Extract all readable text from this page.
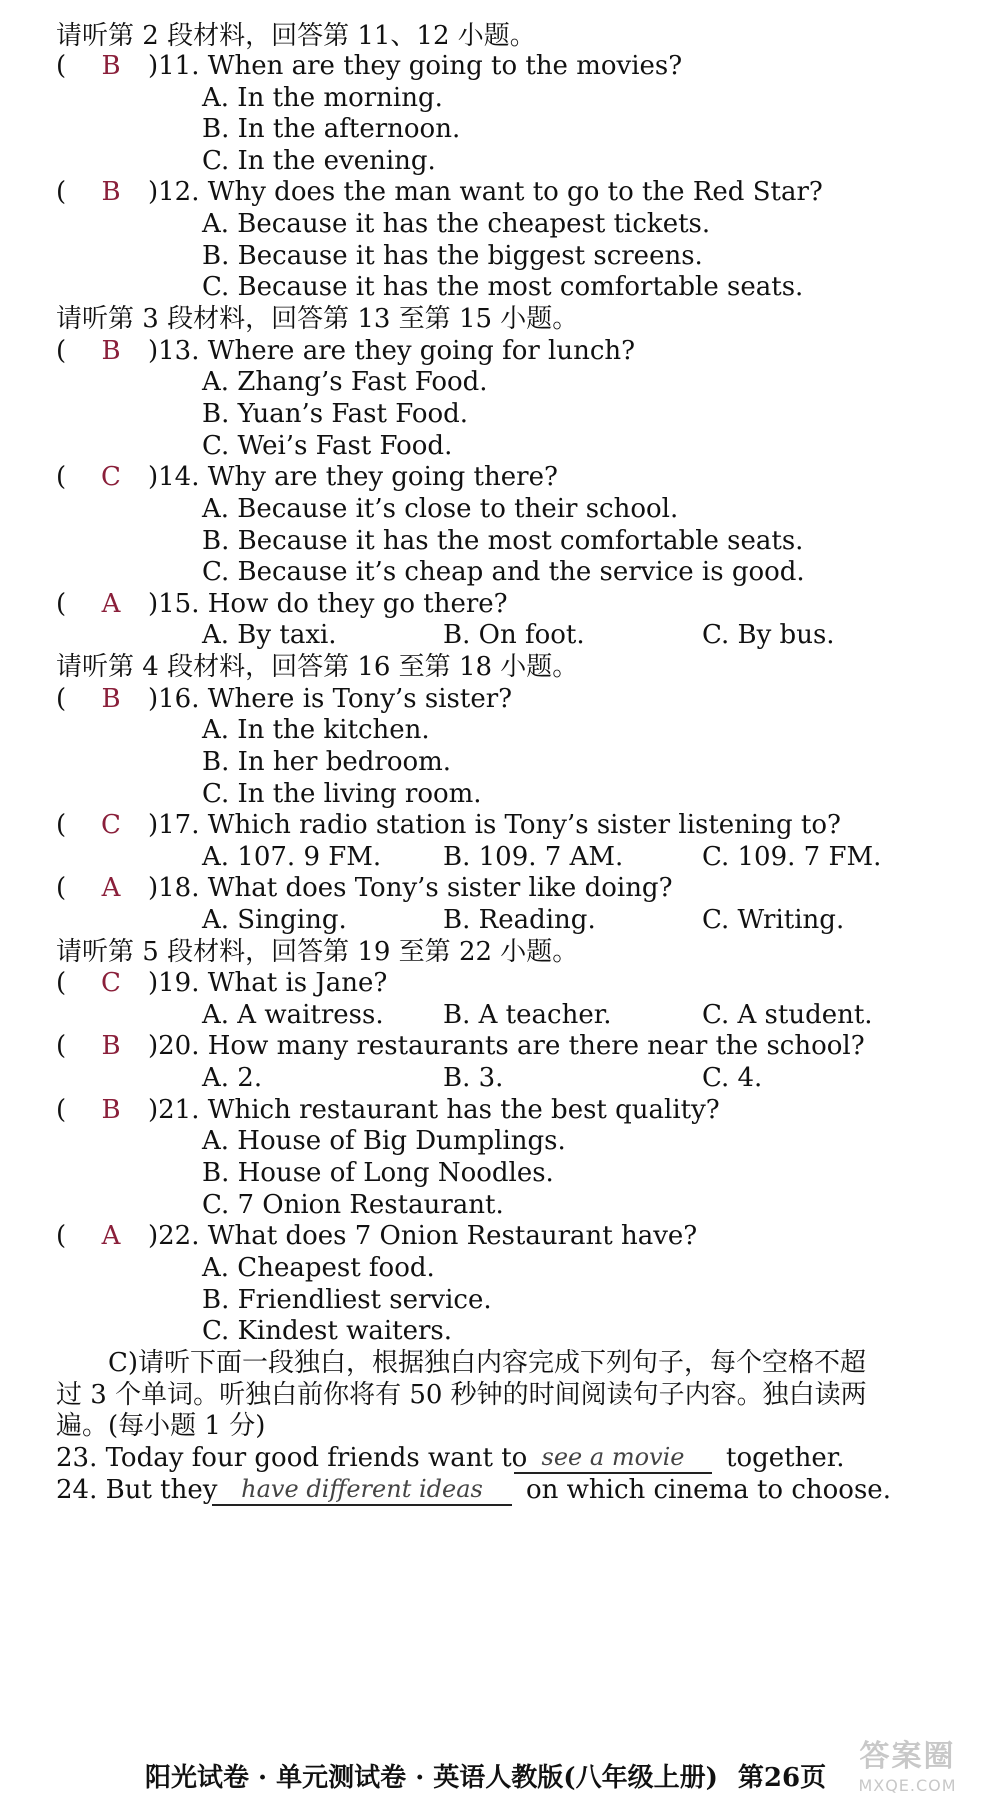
请听第 2 段材料，回答第 11、12 小题。
( B )11. When are they going to the movies?
A. In the morning.
B. In the afternoon.
C. In the evening.
( B )12. Why does the man want to go to the Red Star?
A. Because it has the cheapest tickets.
B. Because it has the biggest screens.
C. Because it has the most comfortable seats.
请听第 3 段材料，回答第 13 至第 15 小题。
( B )13. Where are they going for lunch?
A. Zhang’s Fast Food.
B. Yuan’s Fast Food.
C. Wei’s Fast Food.
( C )14. Why are they going there?
A. Because it’s close to their school.
B. Because it has the most comfortable seats.
C. Because it’s cheap and the service is good.
( A )15. How do they go there?
A. By taxi.	B. On foot.	C. By bus.
请听第 4 段材料，回答第 16 至第 18 小题。
( B )16. Where is Tony’s sister?
A. In the kitchen.
B. In her bedroom.
C. In the living room.
( C )17. Which radio station is Tony’s sister listening to?
A. 107. 9 FM. B. 109. 7 AM.	C. 109. 7 FM.
( A )18. What does Tony’s sister like doing?
A. Singing.	B. Reading.	C. Writing.
请听第 5 段材料，回答第 19 至第 22 小题。
( C )19. What is Jane?
A. A waitress. B. A teacher.	C. A student.
( B )20. How many restaurants are there near the school?
A. 2.	B. 3.	C. 4.
( B )21. Which restaurant has the best quality?
A. House of Big Dumplings.
B. House of Long Noodles.
C. 7 Onion Restaurant.
( A )22. What does 7 Onion Restaurant have?
A. Cheapest food.
B. Friendliest service.
C. Kindest waiters.
C)请听下面一段独白，根据独白内容完成下列句子，每个空格不超
过 3 个单词。听独白前你将有 50 秒钟的时间阅读句子内容。独白读两
遍。(每小题 1 分)
23. Today four good friends want to see a movie	together.
24. But they have different ideas	on which cinema to choose.
阳光试卷 · 单元测试卷 · 英语人教版(八年级上册) 第26页
答案圈
MXQE.COM
